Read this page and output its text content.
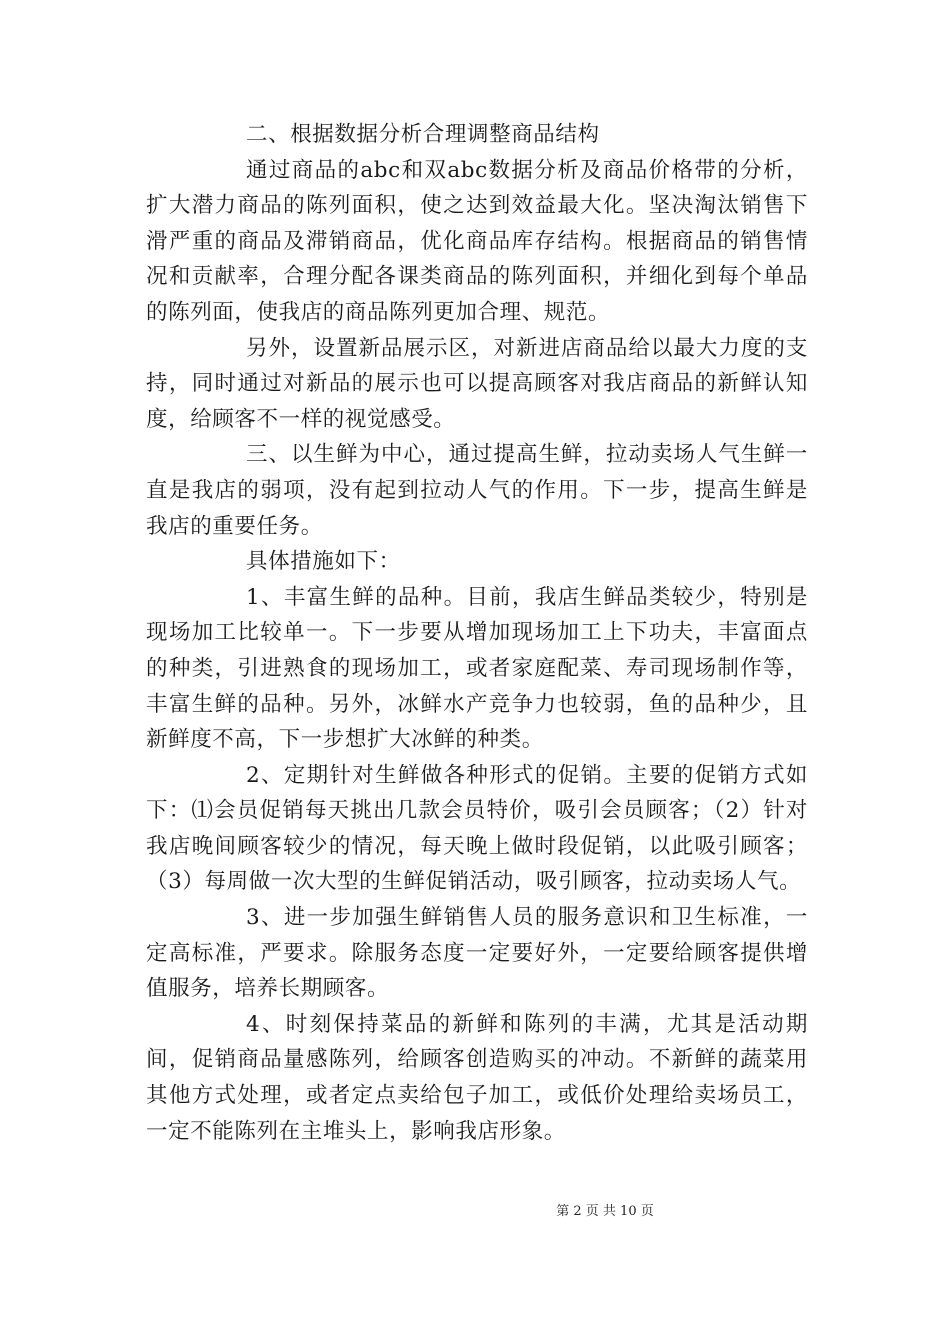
二、根据数据分析合理调整商品结构

通过商品的abc和双abc数据分析及商品价格带的分析，扩大潜力商品的陈列面积，使之达到效益最大化。坚决淘汰销售下滑严重的商品及滞销商品，优化商品库存结构。根据商品的销售情况和贡献率，合理分配各课类商品的陈列面积，并细化到每个单品的陈列面，使我店的商品陈列更加合理、规范。

另外，设置新品展示区，对新进店商品给以最大力度的支持，同时通过对新品的展示也可以提高顾客对我店商品的新鲜认知度，给顾客不一样的视觉感受。

三、以生鲜为中心，通过提高生鲜，拉动卖场人气生鲜一直是我店的弱项，没有起到拉动人气的作用。下一步，提高生鲜是我店的重要任务。

具体措施如下：

1、丰富生鲜的品种。目前，我店生鲜品类较少，特别是现场加工比较单一。下一步要从增加现场加工上下功夫，丰富面点的种类，引进熟食的现场加工，或者家庭配菜、寿司现场制作等，丰富生鲜的品种。另外，冰鲜水产竞争力也较弱，鱼的品种少，且新鲜度不高，下一步想扩大冰鲜的种类。

2、定期针对生鲜做各种形式的促销。主要的促销方式如下：⑴会员促销每天挑出几款会员特价，吸引会员顾客；（2）针对我店晚间顾客较少的情况，每天晚上做时段促销，以此吸引顾客；（3）每周做一次大型的生鲜促销活动，吸引顾客，拉动卖场人气。

3、进一步加强生鲜销售人员的服务意识和卫生标准，一定高标准，严要求。除服务态度一定要好外，一定要给顾客提供增值服务，培养长期顾客。

4、时刻保持菜品的新鲜和陈列的丰满，尤其是活动期间，促销商品量感陈列，给顾客创造购买的冲动。不新鲜的蔬菜用其他方式处理，或者定点卖给包子加工，或低价处理给卖场员工，一定不能陈列在主堆头上，影响我店形象。

第 2 页 共 10 页
